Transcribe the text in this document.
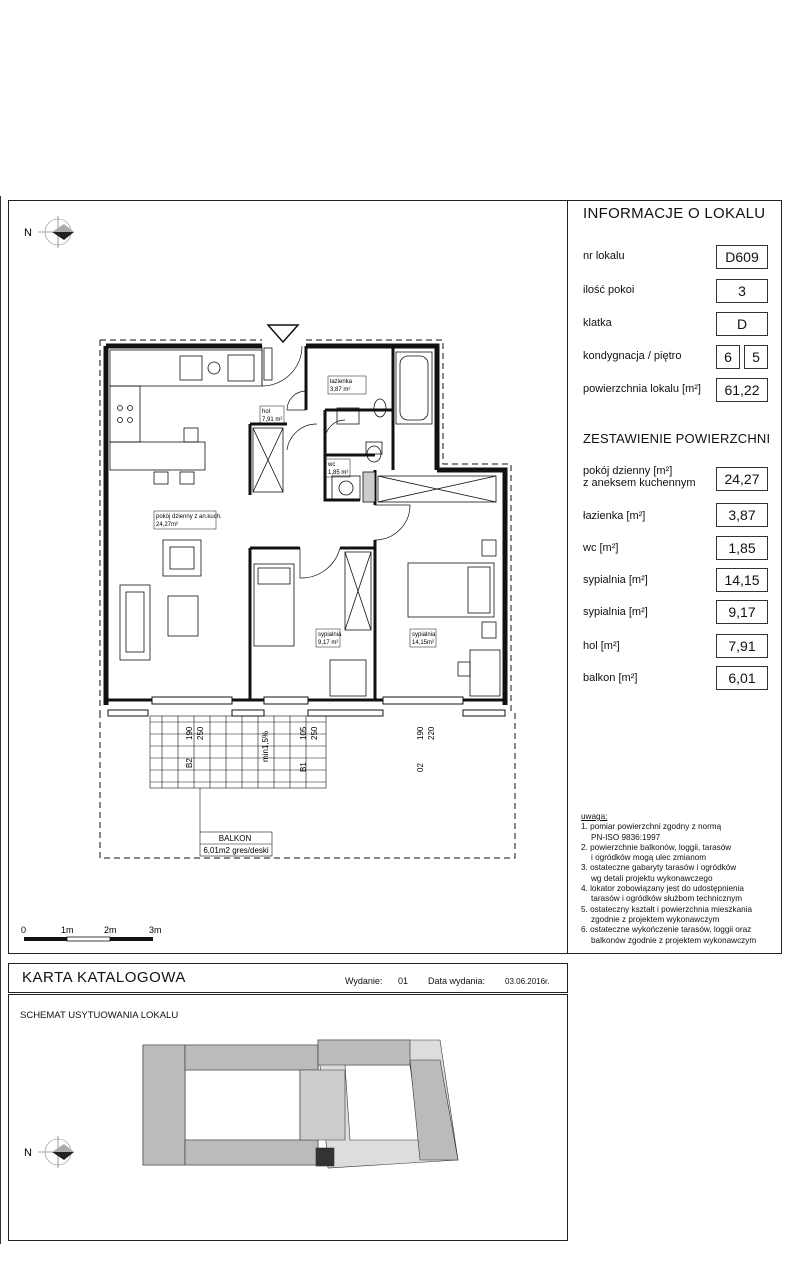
INFORMACJE O LOKALU
nr lokalu	D609
ilość pokoi	3
klatka	D
kondygnacja / piętro	6	5
powierzchnia lokalu [m²]	61,22
ZESTAWIENIE POWIERZCHNI
pokój dzienny [m²]
z aneksem kuchennym	24,27
łazienka [m²]	3,87
wc [m²]	1,85
sypialnia [m²]	14,15
sypialnia [m²]	9,17
hol [m²]	7,91
balkon [m²]	6,01
uwaga:
1. pomiar powierzchni zgodny z normą
PN-ISO 9836:1997
2. powierzchnie balkonów, loggii, tarasów
i ogródków mogą ulec zmianom
3. ostateczne gabaryty tarasów i ogródków
wg detali projektu wykonawczego
4. lokator zobowiązany jest do udostępnienia
tarasów i ogródków służbom technicznym
5. ostateczny kształt i powierzchnia mieszkania
zgodnie z projektem wykonawczym
6. ostateczne wykończenie tarasów, loggii oraz
balkonów zgodnie z projektem wykonawczym
N
BALKON
6,01m2 gres/deski
min1,5%
B2
190 250
B1
105 250
02
190 220
łazienka
3,87 m²
hol
7,91 m²
wc
1,85 m²
pokój dzienny z an.kuch.
24,27m²
sypialnia
9,17 m²
sypialnia
14,15m²
0	1m	2m	3m
N
KARTA KATALOGOWA	Wydanie: 01 Data wydania: 03.06.2016r.
SCHEMAT USYTUOWANIA LOKALU
